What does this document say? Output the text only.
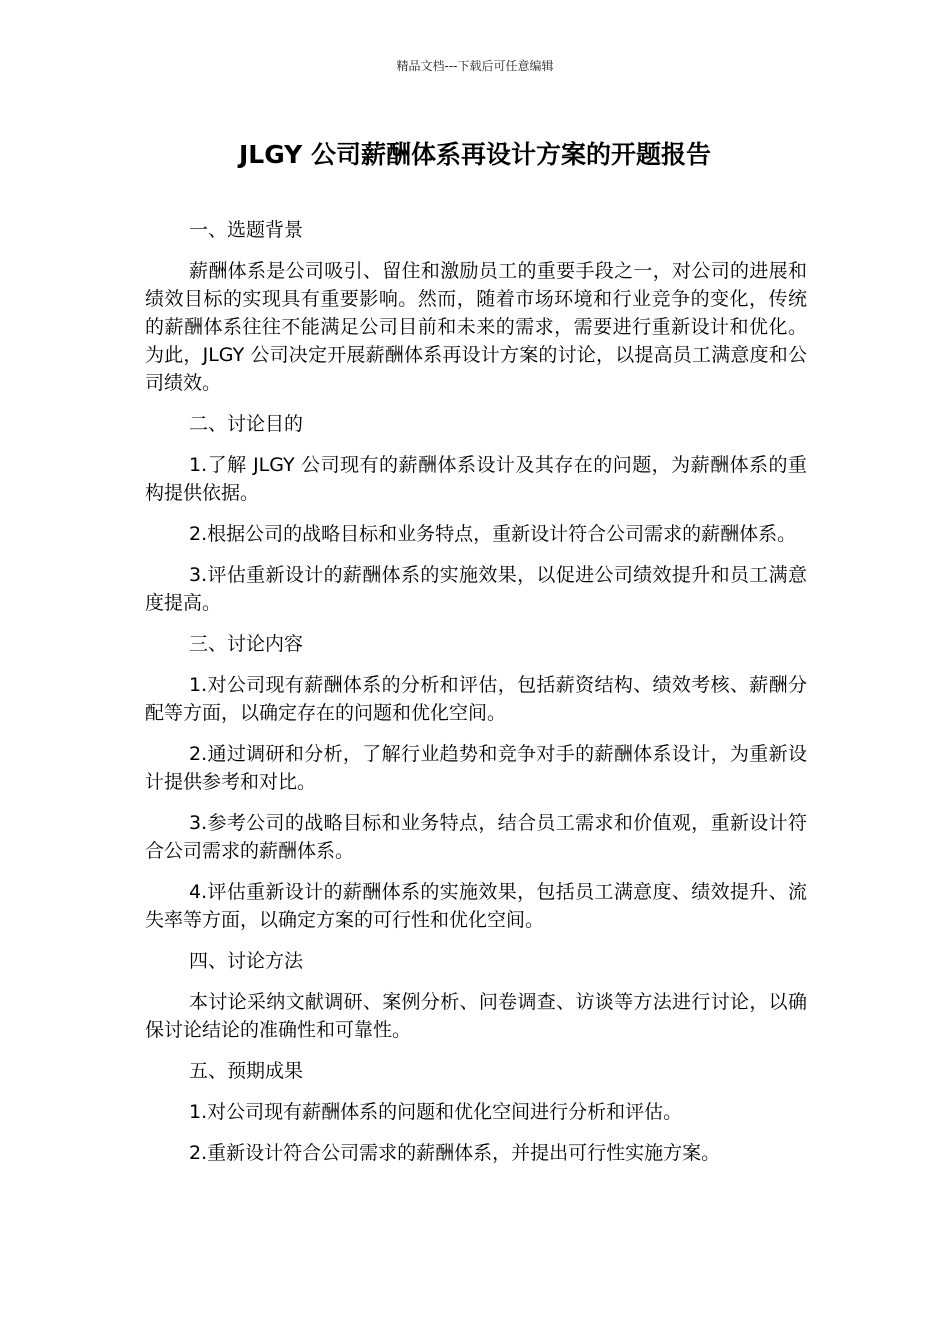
精品文档---下载后可任意编辑
JLGY 公司薪酬体系再设计方案的开题报告

一、选题背景

薪酬体系是公司吸引、留住和激励员工的重要手段之一，对公司的进展和绩效目标的实现具有重要影响。然而，随着市场环境和行业竞争的变化，传统的薪酬体系往往不能满足公司目前和未来的需求，需要进行重新设计和优化。为此，JLGY 公司决定开展薪酬体系再设计方案的讨论，以提高员工满意度和公司绩效。

二、讨论目的

1.了解 JLGY 公司现有的薪酬体系设计及其存在的问题，为薪酬体系的重构提供依据。

2.根据公司的战略目标和业务特点，重新设计符合公司需求的薪酬体系。

3.评估重新设计的薪酬体系的实施效果，以促进公司绩效提升和员工满意度提高。

三、讨论内容

1.对公司现有薪酬体系的分析和评估，包括薪资结构、绩效考核、薪酬分配等方面，以确定存在的问题和优化空间。

2.通过调研和分析，了解行业趋势和竞争对手的薪酬体系设计，为重新设计提供参考和对比。

3.参考公司的战略目标和业务特点，结合员工需求和价值观，重新设计符合公司需求的薪酬体系。

4.评估重新设计的薪酬体系的实施效果，包括员工满意度、绩效提升、流失率等方面，以确定方案的可行性和优化空间。

四、讨论方法

本讨论采纳文献调研、案例分析、问卷调查、访谈等方法进行讨论，以确保讨论结论的准确性和可靠性。

五、预期成果

1.对公司现有薪酬体系的问题和优化空间进行分析和评估。

2.重新设计符合公司需求的薪酬体系，并提出可行性实施方案。
